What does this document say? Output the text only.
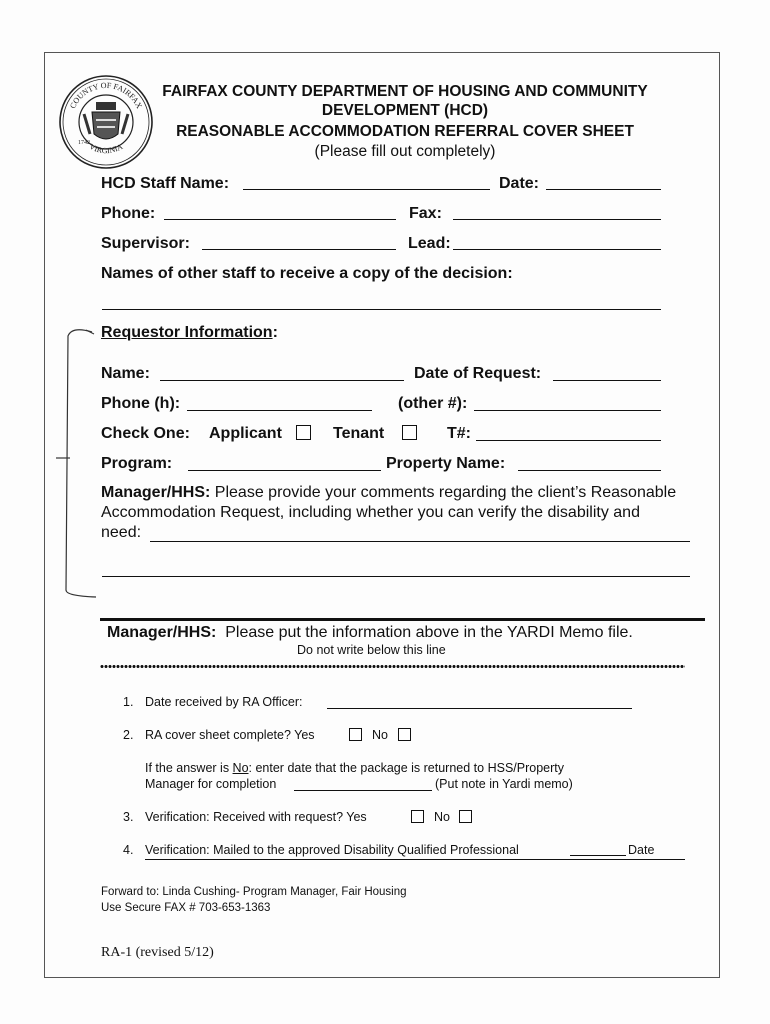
COUNTY OF FAIRFAX
VIRGINIA
1742
FAIRFAX COUNTY DEPARTMENT OF HOUSING AND COMMUNITY
DEVELOPMENT (HCD)
REASONABLE ACCOMMODATION REFERRAL COVER SHEET
(Please fill out completely)
HCD Staff Name:	Date:
Phone:	Fax:
Supervisor:	Lead:
Names of other staff to receive a copy of the decision:
Requestor Information:
Name:	Date of Request:
Phone (h):	(other #):
Check One: Applicant	Tenant	T#:
Program:	Property Name:
Manager/HHS: Please provide your comments regarding the client’s Reasonable
Accommodation Request, including whether you can verify the disability and
need:
Manager/HHS: Please put the information above in the YARDI Memo file.
Do not write below this line
1. Date received by RA Officer:
2. RA cover sheet complete? Yes	No
If the answer is No: enter date that the package is returned to HSS/Property
Manager for completion	(Put note in Yardi memo)
3. Verification: Received with request? Yes	No
4. Verification: Mailed to the approved Disability Qualified Professional	Date
Forward to: Linda Cushing- Program Manager, Fair Housing
Use Secure FAX # 703-653-1363
RA-1 (revised 5/12)
